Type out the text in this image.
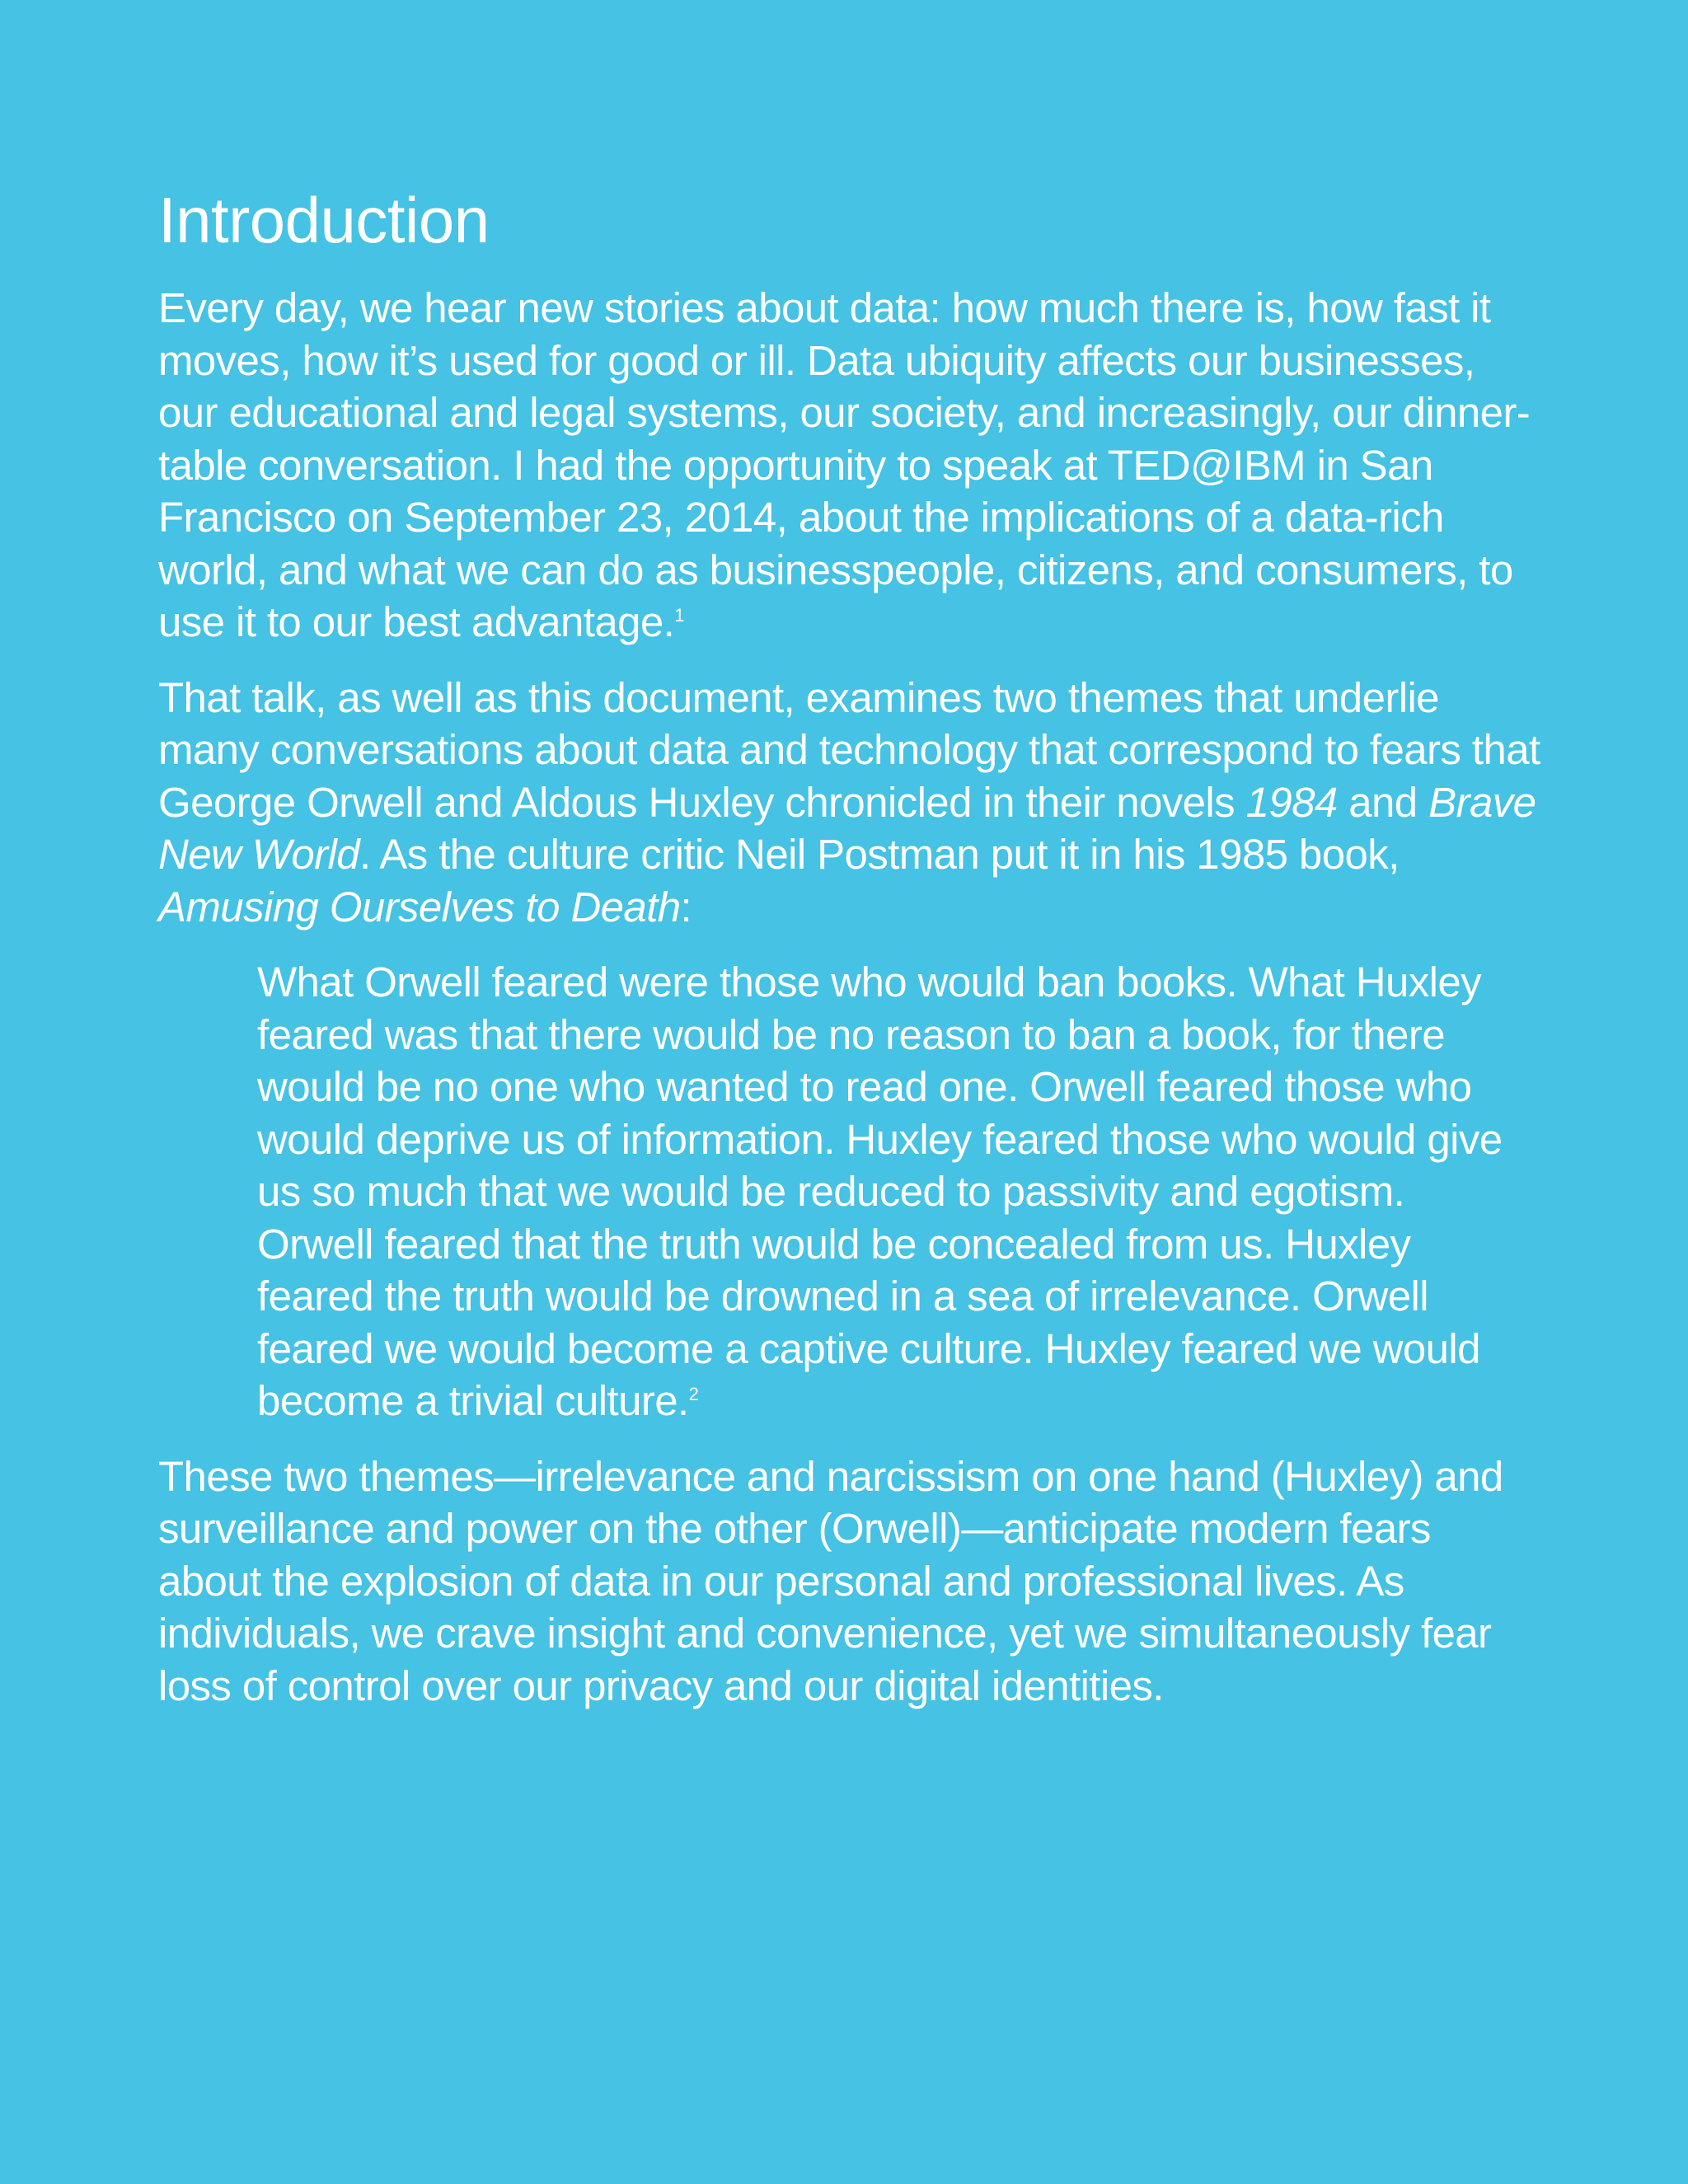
Introduction

Every day, we hear new stories about data: how much there is, how fast it moves, how it’s used for good or ill. Data ubiquity affects our businesses, our educational and legal systems, our society, and increasingly, our dinner-table conversation. I had the opportunity to speak at TED@IBM in San Francisco on September 23, 2014, about the implications of a data-rich world, and what we can do as businesspeople, citizens, and consumers, to use it to our best advantage.$^1$

That talk, as well as this document, examines two themes that underlie many conversations about data and technology that correspond to fears that George Orwell and Aldous Huxley chronicled in their novels 1984 and Brave New World. As the culture critic Neil Postman put it in his 1985 book, Amusing Ourselves to Death:

What Orwell feared were those who would ban books. What Huxley feared was that there would be no reason to ban a book, for there would be no one who wanted to read one. Orwell feared those who would deprive us of information. Huxley feared those who would give us so much that we would be reduced to passivity and egotism. Orwell feared that the truth would be concealed from us. Huxley feared the truth would be drowned in a sea of irrelevance. Orwell feared we would become a captive culture. Huxley feared we would become a trivial culture.$^2$

These two themes—irrelevance and narcissism on one hand (Huxley) and surveillance and power on the other (Orwell)—anticipate modern fears about the explosion of data in our personal and professional lives. As individuals, we crave insight and convenience, yet we simultaneously fear loss of control over our privacy and our digital identities.
